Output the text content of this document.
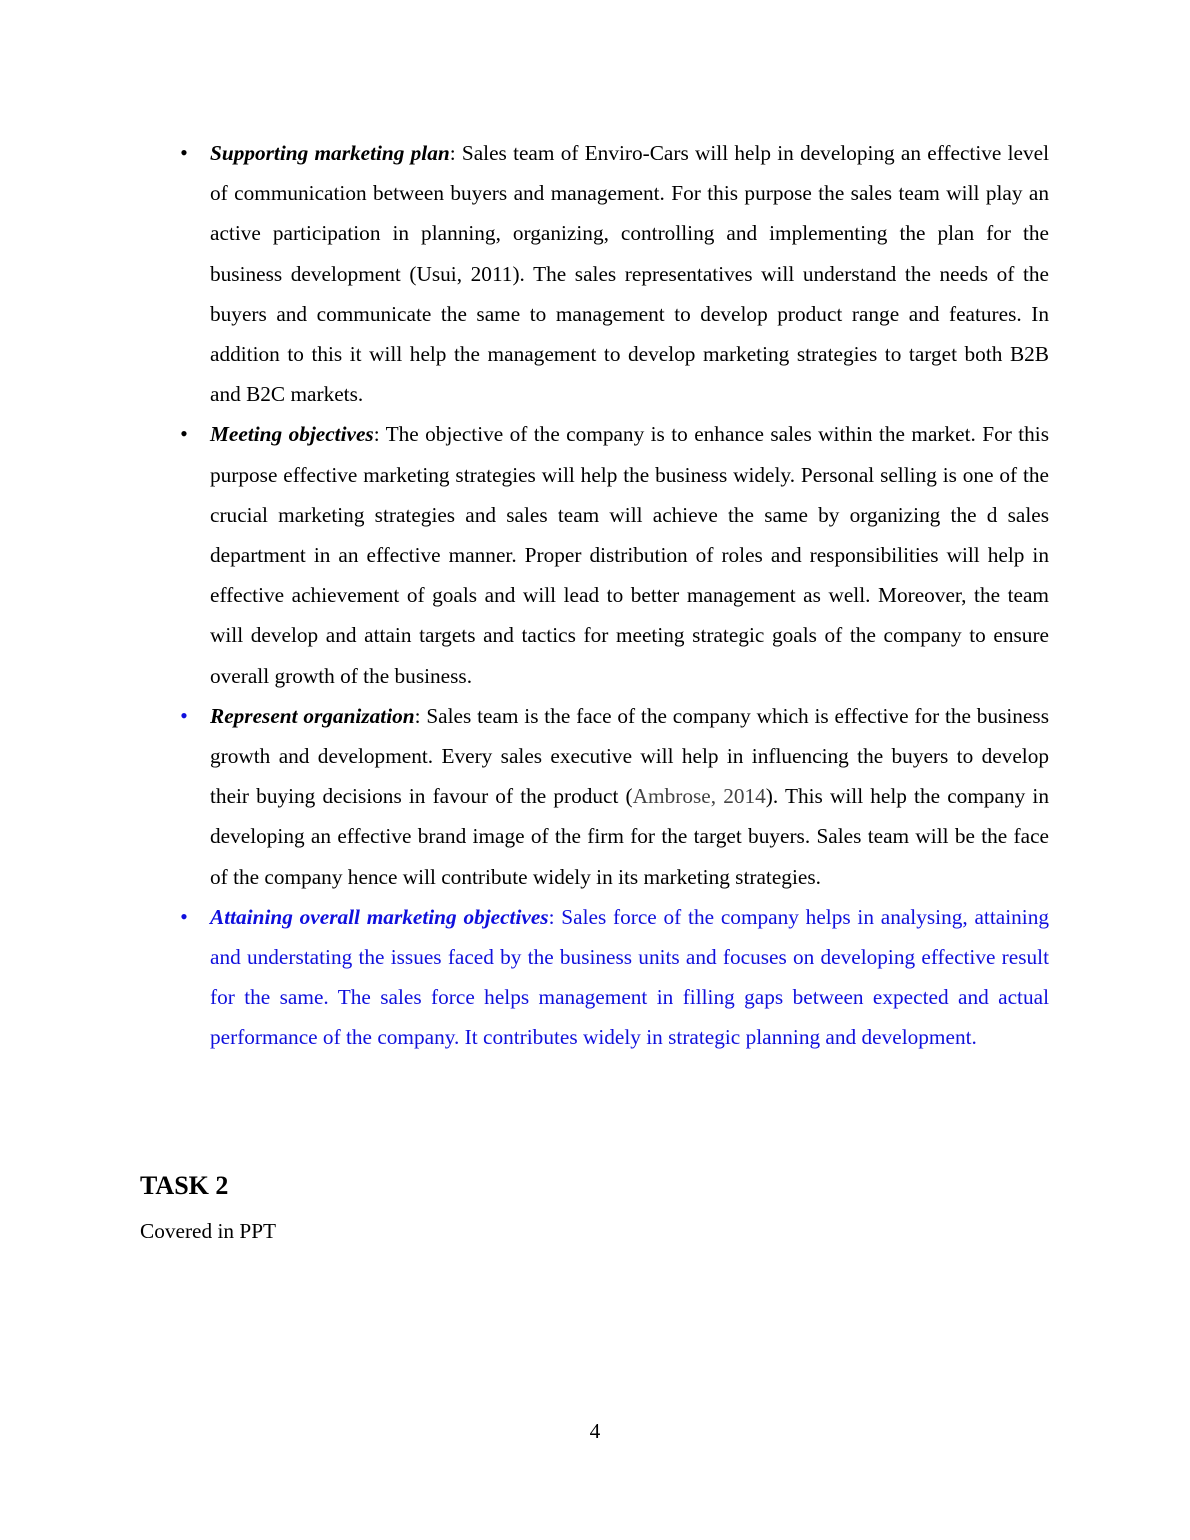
• Supporting marketing plan: Sales team of Enviro-Cars will help in developing an effective level of communication between buyers and management. For this purpose the sales team will play an active participation in planning, organizing, controlling and implementing the plan for the business development (Usui, 2011). The sales representatives will understand the needs of the buyers and communicate the same to management to develop product range and features. In addition to this it will help the management to develop marketing strategies to target both B2B and B2C markets.
• Meeting objectives: The objective of the company is to enhance sales within the market. For this purpose effective marketing strategies will help the business widely. Personal selling is one of the crucial marketing strategies and sales team will achieve the same by organizing the d sales department in an effective manner. Proper distribution of roles and responsibilities will help in effective achievement of goals and will lead to better management as well. Moreover, the team will develop and attain targets and tactics for meeting strategic goals of the company to ensure overall growth of the business.
• Represent organization: Sales team is the face of the company which is effective for the business growth and development. Every sales executive will help in influencing the buyers to develop their buying decisions in favour of the product (Ambrose, 2014). This will help the company in developing an effective brand image of the firm for the target buyers. Sales team will be the face of the company hence will contribute widely in its marketing strategies.
• Attaining overall marketing objectives: Sales force of the company helps in analysing, attaining and understating the issues faced by the business units and focuses on developing effective result for the same. The sales force helps management in filling gaps between expected and actual performance of the company. It contributes widely in strategic planning and development.
TASK 2

Covered in PPT

4
